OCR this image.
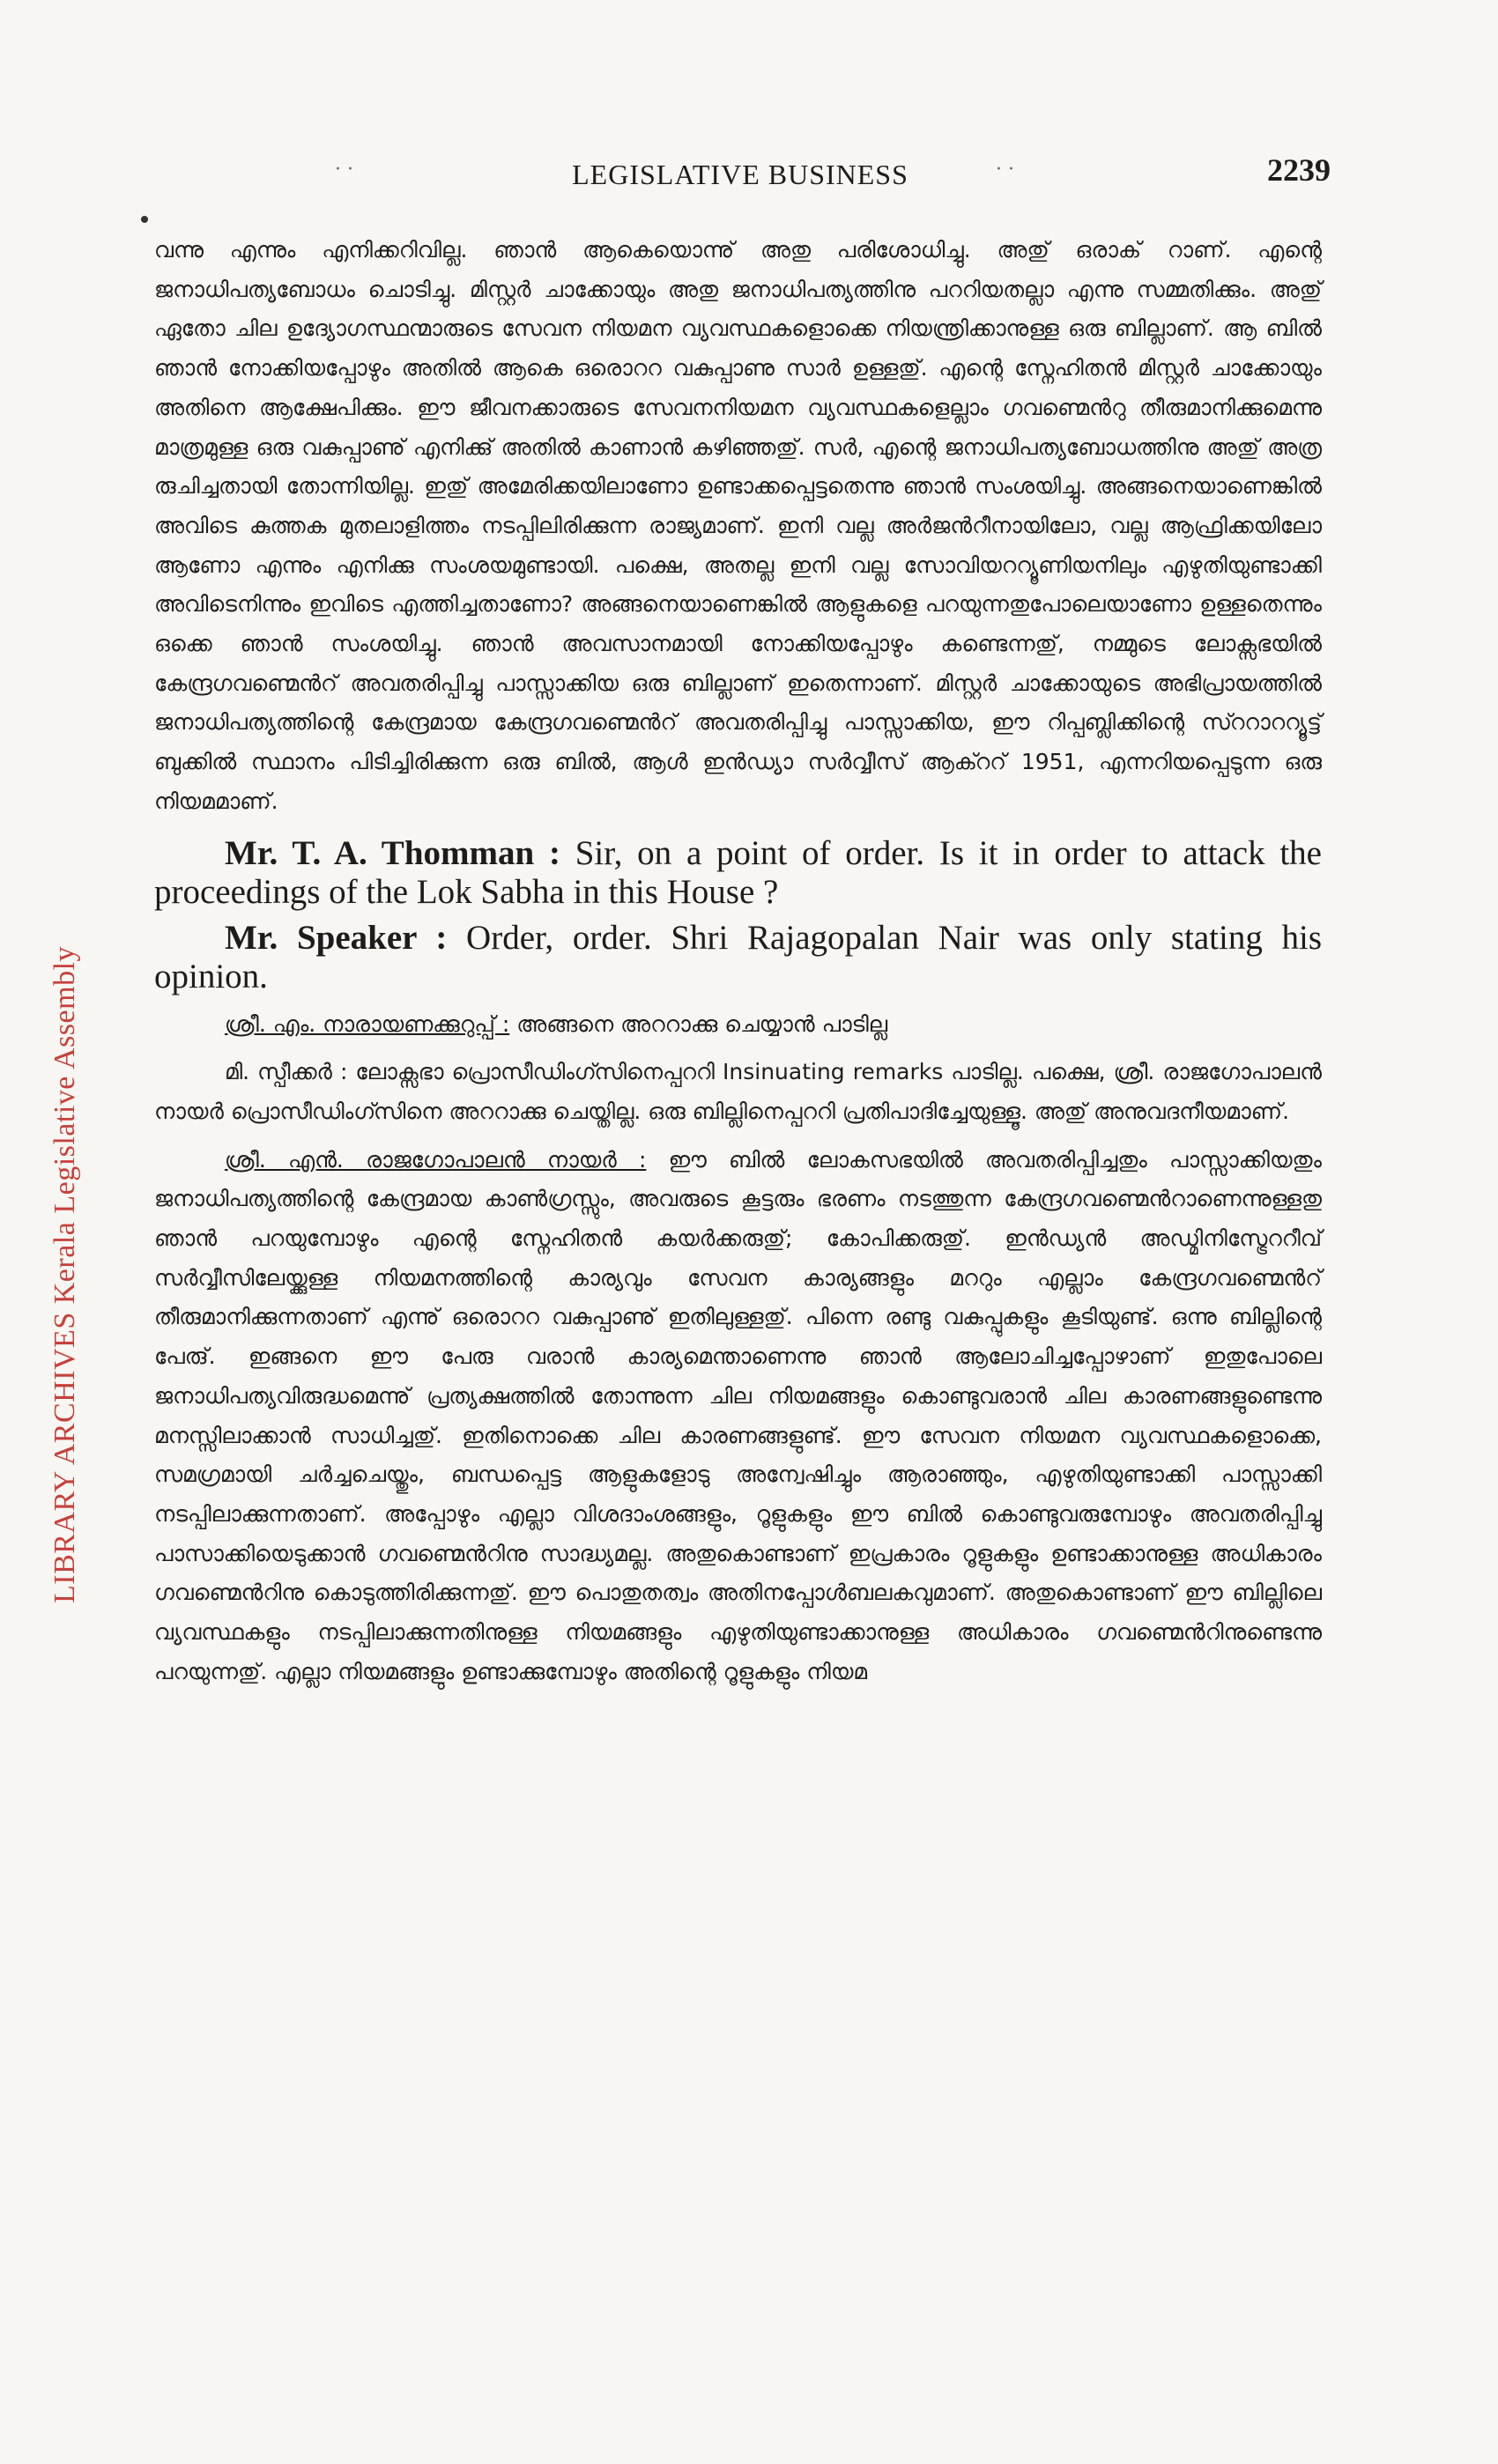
· ·	LEGISLATIVE BUSINESS	· ·	2239
LIBRARY ARCHIVES Kerala Legislative Assembly

വന്നു എന്നും എനിക്കറിവില്ല. ഞാൻ ആകെയൊന്നു് അതു പരിശോധിച്ചു. അതു് ഒരാക് റാണ്. എന്റെ ജനാധിപത്യബോധം ചൊടിച്ചു. മിസ്റ്റർ ചാക്കോയും അതു ജനാധിപത്യത്തിനു പററിയതല്ലാ എന്നു സമ്മതിക്കും. അതു് ഏതോ ചില ഉദ്യോഗസ്ഥന്മാരുടെ സേവന നിയമന വ്യവസ്ഥകളൊക്കെ നിയന്ത്രിക്കാനുള്ള ഒരു ബില്ലാണ്. ആ ബിൽ ഞാൻ നോക്കിയപ്പോഴും അതിൽ ആകെ ഒരൊററ വകുപ്പാണു സാർ ഉള്ളതു്. എന്റെ സ്നേഹിതൻ മിസ്റ്റർ ചാക്കോയും അതിനെ ആക്ഷേപിക്കും. ഈ ജീവനക്കാരുടെ സേവനനിയമന വ്യവസ്ഥകളെല്ലാം ഗവണ്മെൻറു തീരുമാനിക്കുമെന്നു മാത്രമുള്ള ഒരു വകുപ്പാണു് എനിക്കു് അതിൽ കാണാൻ കഴിഞ്ഞതു്. സർ, എന്റെ ജനാധിപത്യബോധത്തിനു അതു് അത്ര രുചിച്ചതായി തോന്നിയില്ല. ഇതു് അമേരിക്കയിലാണോ ഉണ്ടാക്കപ്പെട്ടതെന്നു ഞാൻ സംശയിച്ചു. അങ്ങനെയാണെങ്കിൽ അവിടെ കുത്തക മുതലാളിത്തം നടപ്പിലിരിക്കുന്ന രാജ്യമാണ്. ഇനി വല്ല അർജൻറീനായിലോ, വല്ല ആഫ്രിക്കയിലോ ആണോ എന്നും എനിക്കു സംശയമുണ്ടായി. പക്ഷെ, അതല്ല ഇനി വല്ല സോവിയററ്യൂണിയനിലും എഴുതിയുണ്ടാക്കി അവിടെനിന്നും ഇവിടെ എത്തിച്ചതാണോ? അങ്ങനെയാണെങ്കിൽ ആളുകളെ പറയുന്നതുപോലെയാണോ ഉള്ളതെന്നും ഒക്കെ ഞാൻ സംശയിച്ചു. ഞാൻ അവസാനമായി നോക്കിയപ്പോഴും കണ്ടെന്നതു്, നമ്മുടെ ലോക്സഭയിൽ കേന്ദ്രഗവണ്മെൻറ് അവതരിപ്പിച്ചു പാസ്സാക്കിയ ഒരു ബില്ലാണ് ഇതെന്നാണ്. മിസ്റ്റർ ചാക്കോയുടെ അഭിപ്രായത്തിൽ ജനാധിപത്യത്തിന്റെ കേന്ദ്രമായ കേന്ദ്രഗവണ്മെൻറ് അവതരിപ്പിച്ചു പാസ്സാക്കിയ, ഈ റിപ്പബ്ലിക്കിന്റെ സ്ററാററ്യൂട്ട് ബുക്കിൽ സ്ഥാനം പിടിച്ചിരിക്കുന്ന ഒരു ബിൽ, ആൾ ഇൻഡ്യാ സർവ്വീസ് ആക്ററ് 1951, എന്നറിയപ്പെടുന്ന ഒരു നിയമമാണ്.

Mr. T. A. Thomman : Sir, on a point of order. Is it in order to attack the proceedings of the Lok Sabha in this House ?

Mr. Speaker : Order, order. Shri Rajagopalan Nair was only stating his opinion.

ശ്രീ. എം. നാരായണക്കുറുപ്പ് : അങ്ങനെ അററാക്കു ചെയ്യാൻ പാടില്ല

മി. സ്പീക്കർ : ലോക്സഭാ പ്രൊസീഡിംഗ്സിനെപ്പററി Insinuating remarks പാടില്ല. പക്ഷെ, ശ്രീ. രാജഗോപാലൻ നായർ പ്രൊസീഡിംഗ്സിനെ അററാക്കു ചെയ്തില്ല. ഒരു ബില്ലിനെപ്പററി പ്രതിപാദിച്ചേയുള്ളൂ. അതു് അനുവദനീയമാണ്.

ശ്രീ. എൻ. രാജഗോപാലൻ നായർ : ഈ ബിൽ ലോകസഭയിൽ അവതരിപ്പിച്ചതും പാസ്സാക്കിയതും ജനാധിപത്യത്തിന്റെ കേന്ദ്രമായ കാൺഗ്രസ്സും, അവരുടെ കൂട്ടരും ഭരണം നടത്തുന്ന കേന്ദ്രഗവണ്മെൻറാണെന്നുള്ളതു ഞാൻ പറയുമ്പോഴും എന്റെ സ്നേഹിതൻ കയർക്കരുതു്; കോപിക്കരുതു്. ഇൻഡ്യൻ അഡ്മിനിസ്ട്രേററീവ് സർവ്വീസിലേയ്ക്കുള്ള നിയമനത്തിന്റെ കാര്യവും സേവന കാര്യങ്ങളും മററും എല്ലാം കേന്ദ്രഗവണ്മെൻറ് തീരുമാനിക്കുന്നതാണ് എന്നു് ഒരൊററ വകുപ്പാണു് ഇതിലുള്ളതു്. പിന്നെ രണ്ടു വകുപ്പുകളും കൂടിയുണ്ട്. ഒന്നു ബില്ലിന്റെ പേരു്. ഇങ്ങനെ ഈ പേരു വരാൻ കാര്യമെന്താണെന്നു ഞാൻ ആലോചിച്ചപ്പോഴാണ് ഇതുപോലെ ജനാധിപത്യവിരുദ്ധമെന്നു് പ്രത്യക്ഷത്തിൽ തോന്നുന്ന ചില നിയമങ്ങളും കൊണ്ടുവരാൻ ചില കാരണങ്ങളുണ്ടെന്നു മനസ്സിലാക്കാൻ സാധിച്ചതു്. ഇതിനൊക്കെ ചില കാരണങ്ങളുണ്ട്. ഈ സേവന നിയമന വ്യവസ്ഥകളൊക്കെ, സമഗ്രമായി ചർച്ചചെയ്തും, ബന്ധപ്പെട്ട ആളുകളോടു അന്വേഷിച്ചും ആരാഞ്ഞും, എഴുതിയുണ്ടാക്കി പാസ്സാക്കി നടപ്പിലാക്കുന്നതാണ്. അപ്പോഴും എല്ലാ വിശദാംശങ്ങളും, റൂളുകളും ഈ ബിൽ കൊണ്ടുവരുമ്പോഴും അവതരിപ്പിച്ചു പാസാക്കിയെടുക്കാൻ ഗവണ്മെൻറിനു സാദ്ധ്യമല്ല. അതുകൊണ്ടാണ് ഇപ്രകാരം റൂളുകളും ഉണ്ടാക്കാനുള്ള അധികാരം ഗവണ്മെൻറിനു കൊടുത്തിരിക്കുന്നതു്. ഈ പൊതുതത്വം അതിനപ്പോൾബലകവുമാണ്. അതുകൊണ്ടാണ് ഈ ബില്ലിലെ വ്യവസ്ഥകളും നടപ്പിലാക്കുന്നതിനുള്ള നിയമങ്ങളും എഴുതിയുണ്ടാക്കാനുള്ള അധികാരം ഗവണ്മെൻറിനുണ്ടെന്നു പറയുന്നതു്. എല്ലാ നിയമങ്ങളും ഉണ്ടാക്കുമ്പോഴും അതിന്റെ റൂളുകളും നിയമ
